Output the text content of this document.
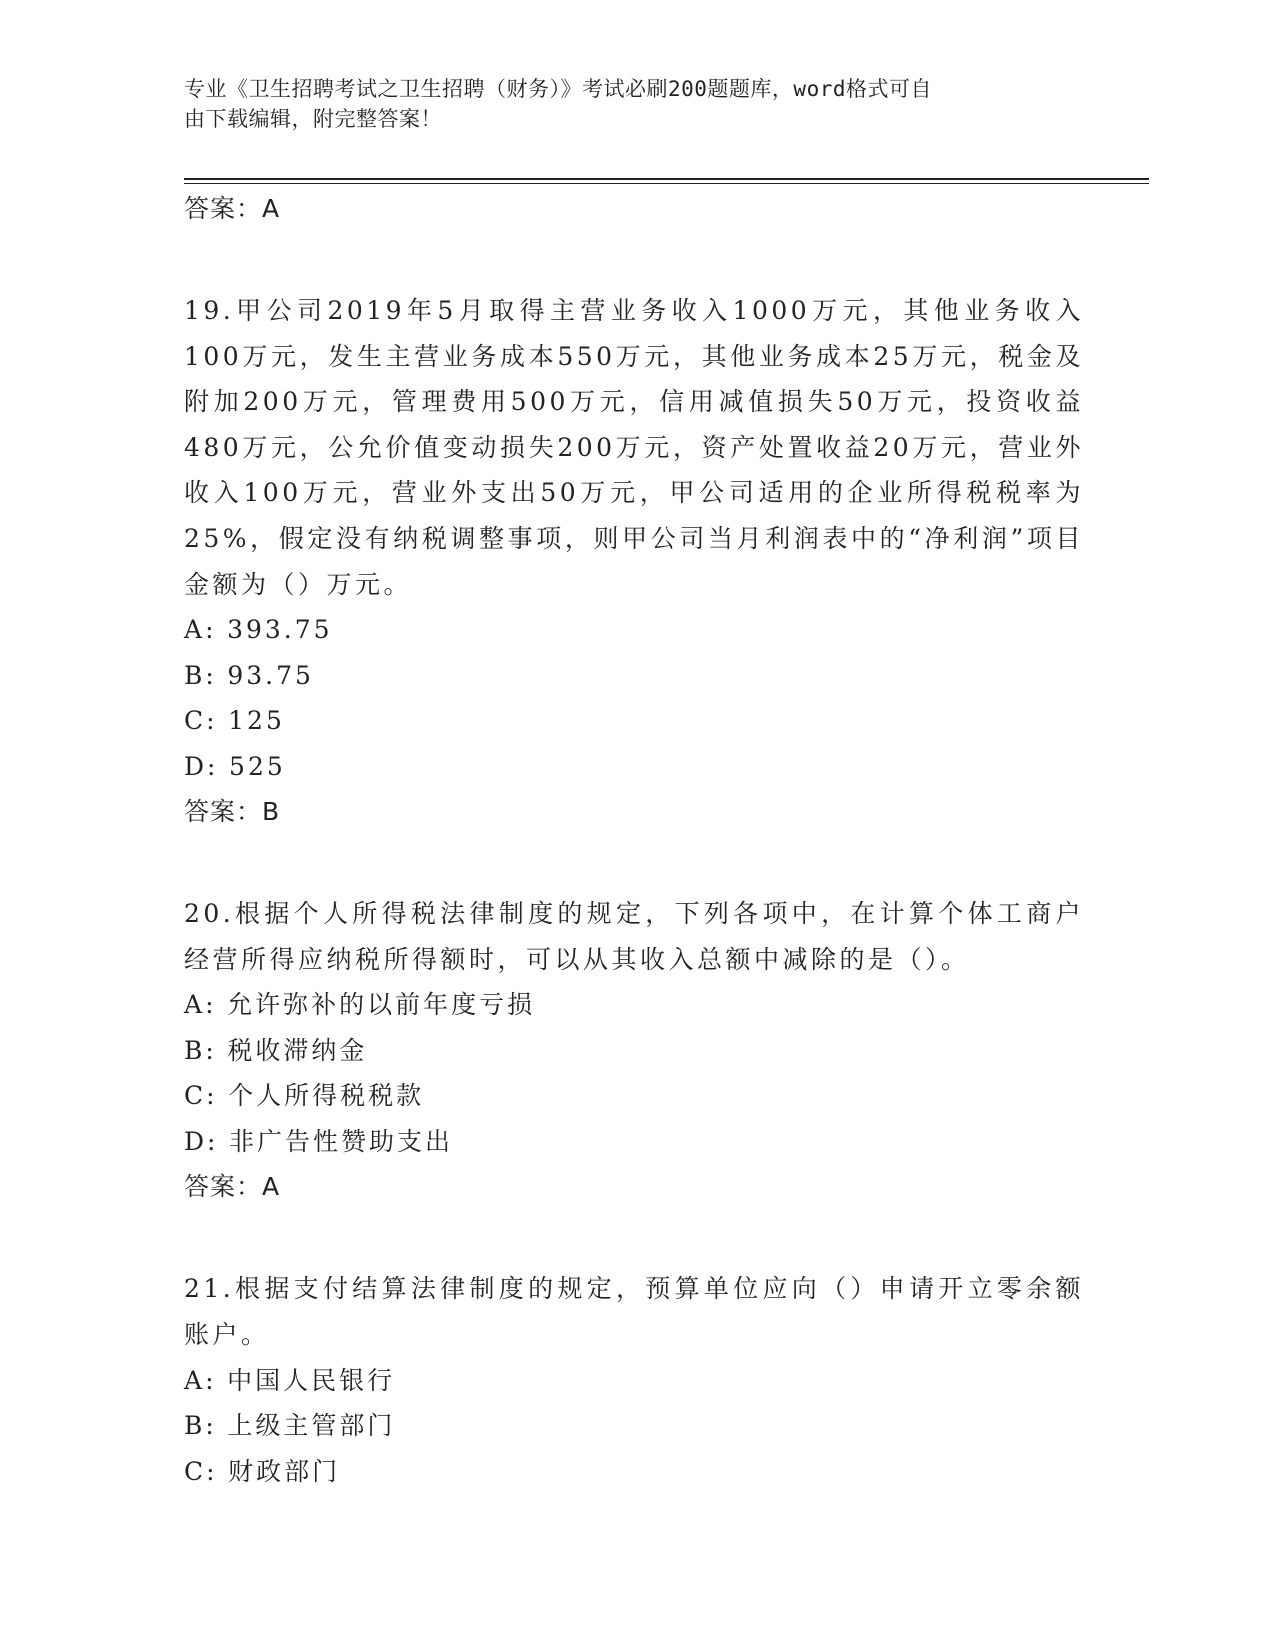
专业《卫生招聘考试之卫生招聘（财务）》考试必刷200题题库，word格式可自
由下载编辑，附完整答案！
答案：A
19.甲公司2019年5月取得主营业务收入1000万元，其他业务收入100万元，发生主营业务成本550万元，其他业务成本25万元，税金及附加200万元，管理费用500万元，信用减值损失50万元，投资收益480万元，公允价值变动损失200万元，资产处置收益20万元，营业外收入100万元，营业外支出50万元，甲公司适用的企业所得税税率为25%，假定没有纳税调整事项，则甲公司当月利润表中的“净利润”项目金额为（）万元。
A: 393.75
B: 93.75
C: 125
D: 525
答案：B
20.根据个人所得税法律制度的规定，下列各项中，在计算个体工商户经营所得应纳税所得额时，可以从其收入总额中减除的是（）。
A: 允许弥补的以前年度亏损
B: 税收滞纳金
C: 个人所得税税款
D: 非广告性赞助支出
答案：A
21.根据支付结算法律制度的规定，预算单位应向（）申请开立零余额账户。
A: 中国人民银行
B: 上级主管部门
C: 财政部门
